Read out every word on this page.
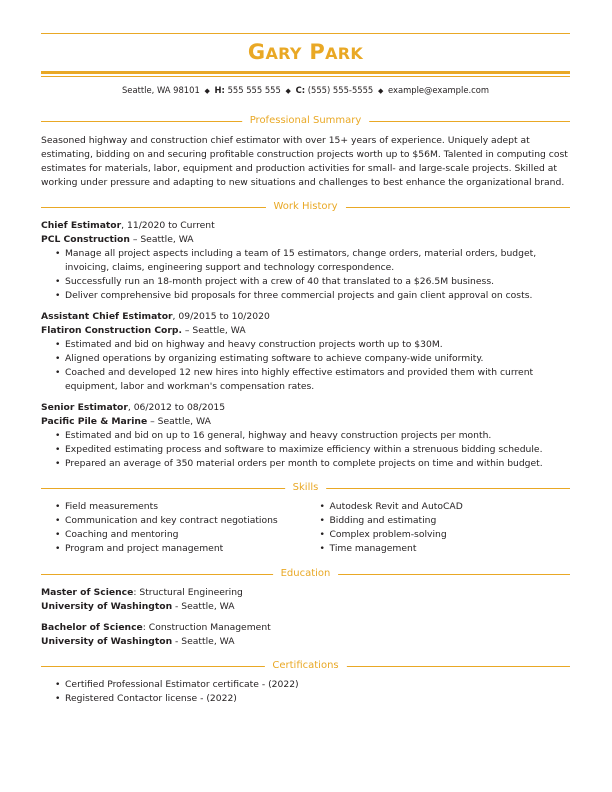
GARY PARK
Seattle, WA 98101 ◆ H: 555 555 555 ◆ C: (555) 555-5555 ◆ example@example.com
Professional Summary
Seasoned highway and construction chief estimator with over 15+ years of experience. Uniquely adept at estimating, bidding on and securing profitable construction projects worth up to $56M. Talented in computing cost estimates for materials, labor, equipment and production activities for small- and large-scale projects. Skilled at working under pressure and adapting to new situations and challenges to best enhance the organizational brand.
Work History
Chief Estimator, 11/2020 to Current
PCL Construction – Seattle, WA
• Manage all project aspects including a team of 15 estimators, change orders, material orders, budget, invoicing, claims, engineering support and technology correspondence.
• Successfully run an 18-month project with a crew of 40 that translated to a $26.5M business.
• Deliver comprehensive bid proposals for three commercial projects and gain client approval on costs.
Assistant Chief Estimator, 09/2015 to 10/2020
Flatiron Construction Corp. – Seattle, WA
• Estimated and bid on highway and heavy construction projects worth up to $30M.
• Aligned operations by organizing estimating software to achieve company-wide uniformity.
• Coached and developed 12 new hires into highly effective estimators and provided them with current equipment, labor and workman's compensation rates.
Senior Estimator, 06/2012 to 08/2015
Pacific Pile & Marine – Seattle, WA
• Estimated and bid on up to 16 general, highway and heavy construction projects per month.
• Expedited estimating process and software to maximize efficiency within a strenuous bidding schedule.
• Prepared an average of 350 material orders per month to complete projects on time and within budget.
Skills
• Field measurements
• Communication and key contract negotiations
• Coaching and mentoring
• Program and project management
• Autodesk Revit and AutoCAD
• Bidding and estimating
• Complex problem-solving
• Time management
Education
Master of Science: Structural Engineering
University of Washington - Seattle, WA
Bachelor of Science: Construction Management
University of Washington - Seattle, WA
Certifications
• Certified Professional Estimator certificate - (2022)
• Registered Contactor license - (2022)
